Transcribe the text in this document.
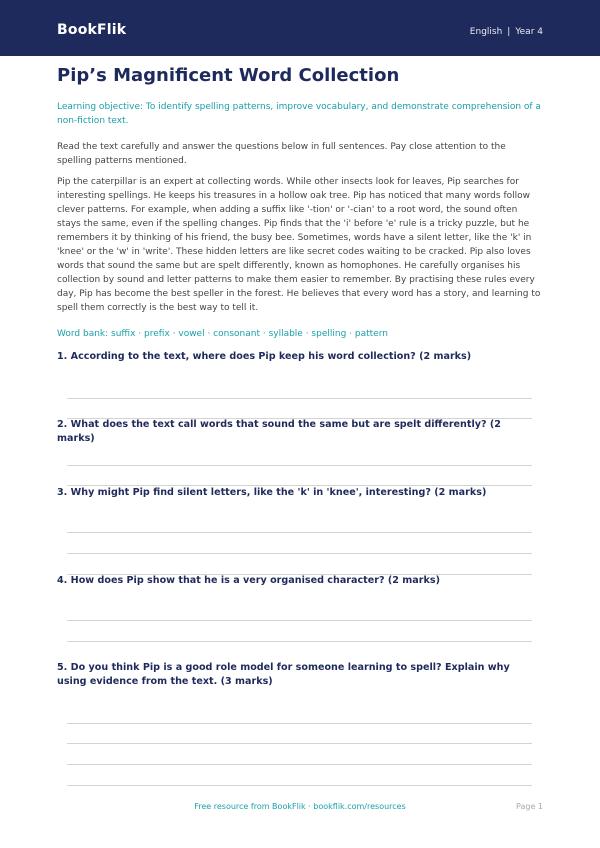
BookFlik	English | Year 4
Pip’s Magnificent Word Collection

Learning objective: To identify spelling patterns, improve vocabulary, and demonstrate comprehension of a non-fiction text.

Read the text carefully and answer the questions below in full sentences. Pay close attention to the spelling patterns mentioned.

Pip the caterpillar is an expert at collecting words. While other insects look for leaves, Pip searches for interesting spellings. He keeps his treasures in a hollow oak tree. Pip has noticed that many words follow clever patterns. For example, when adding a suffix like '-tion' or '-cian' to a root word, the sound often stays the same, even if the spelling changes. Pip finds that the 'i' before 'e' rule is a tricky puzzle, but he remembers it by thinking of his friend, the busy bee. Sometimes, words have a silent letter, like the 'k' in 'knee' or the 'w' in 'write'. These hidden letters are like secret codes waiting to be cracked. Pip also loves words that sound the same but are spelt differently, known as homophones. He carefully organises his collection by sound and letter patterns to make them easier to remember. By practising these rules every day, Pip has become the best speller in the forest. He believes that every word has a story, and learning to spell them correctly is the best way to tell it.

Word bank: suffix · prefix · vowel · consonant · syllable · spelling · pattern

1. According to the text, where does Pip keep his word collection? (2 marks)
2. What does the text call words that sound the same but are spelt differently? (2 marks)
3. Why might Pip find silent letters, like the 'k' in 'knee', interesting? (2 marks)
4. How does Pip show that he is a very organised character? (2 marks)
5. Do you think Pip is a good role model for someone learning to spell? Explain why using evidence from the text. (3 marks)
Free resource from BookFlik · bookflik.com/resources	Page 1
